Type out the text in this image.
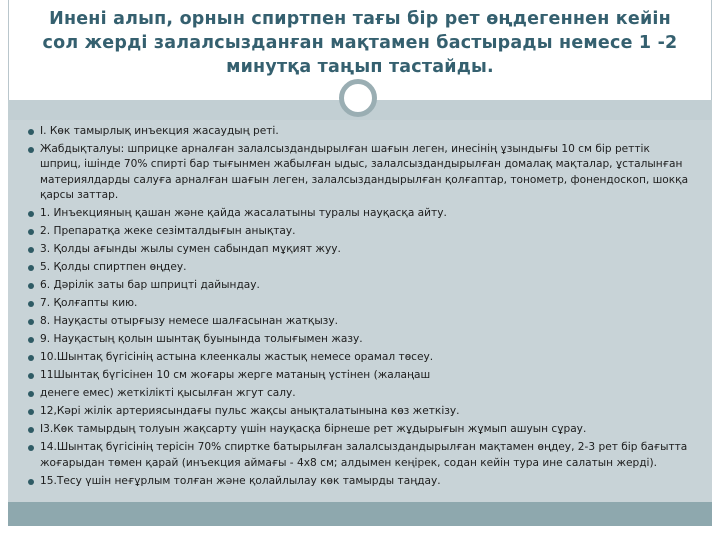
Инені алып, орнын спиртпен тағы бір рет өңдегеннен кейін сол жерді залалсызданған мақтамен бастырады немесе 1 -2 минутқа таңып тастайды.
I. Көк тамырлық инъекция жасаудың реті.
Жабдықталуы: шприцке арналған залалсыздандырылған шағын леген, инесінің ұзындығы 10 см бір реттік шприц, ішінде 70% спирті бар тығынмен жабылған ыдыс, залалсыздандырылған домалақ мақталар, ұсталынған материялдарды салуға арналған шағын леген, залалсыздандырылған қолғаптар, тонометр, фонендоскоп, шокқа қарсы заттар.
1. Инъекцияның қашан және қайда жасалатыны туралы науқасқа айту.
2. Препаратқа жеке сезімталдығын анықтау.
3. Қолды ағынды жылы сумен сабындап мұқият жуу.
5. Қолды спиртпен өңдеу.
6. Дәрілік заты бар шприцті дайындау.
7. Қолғапты кию.
8. Науқасты отырғызу немесе шалғасынан жатқызу.
9. Науқастың қолын шынтақ буынында толығымен жазу.
10.Шынтақ бүгісінің астына клеенкалы жастық немесе орамал төсеу.
11Шынтақ бүгісінен 10 см жоғары жерге матаның үстінен (жалаңаш
денеге емес) жеткілікті қысылған жгут салу.
12,Кәрі жілік артериясындағы пульс жақсы анықталатынына көз жеткізу.
I3.Көк тамырдың толуын жақсарту үшін науқасқа бірнеше рет жұдырығын жұмып ашуын сұрау.
14.Шынтақ бүгісінің терісін 70% спиртке батырылған залалсыздандырылған мақтамен өңдеу, 2-3 рет бір бағытта жоғарыдан төмен қарай (инъекция аймағы - 4х8 см; алдымен кеңірек, содан кейін тура ине салатын жерді).
15.Тесу үшін неғұрлым толған және қолайлылау көк тамырды таңдау.
